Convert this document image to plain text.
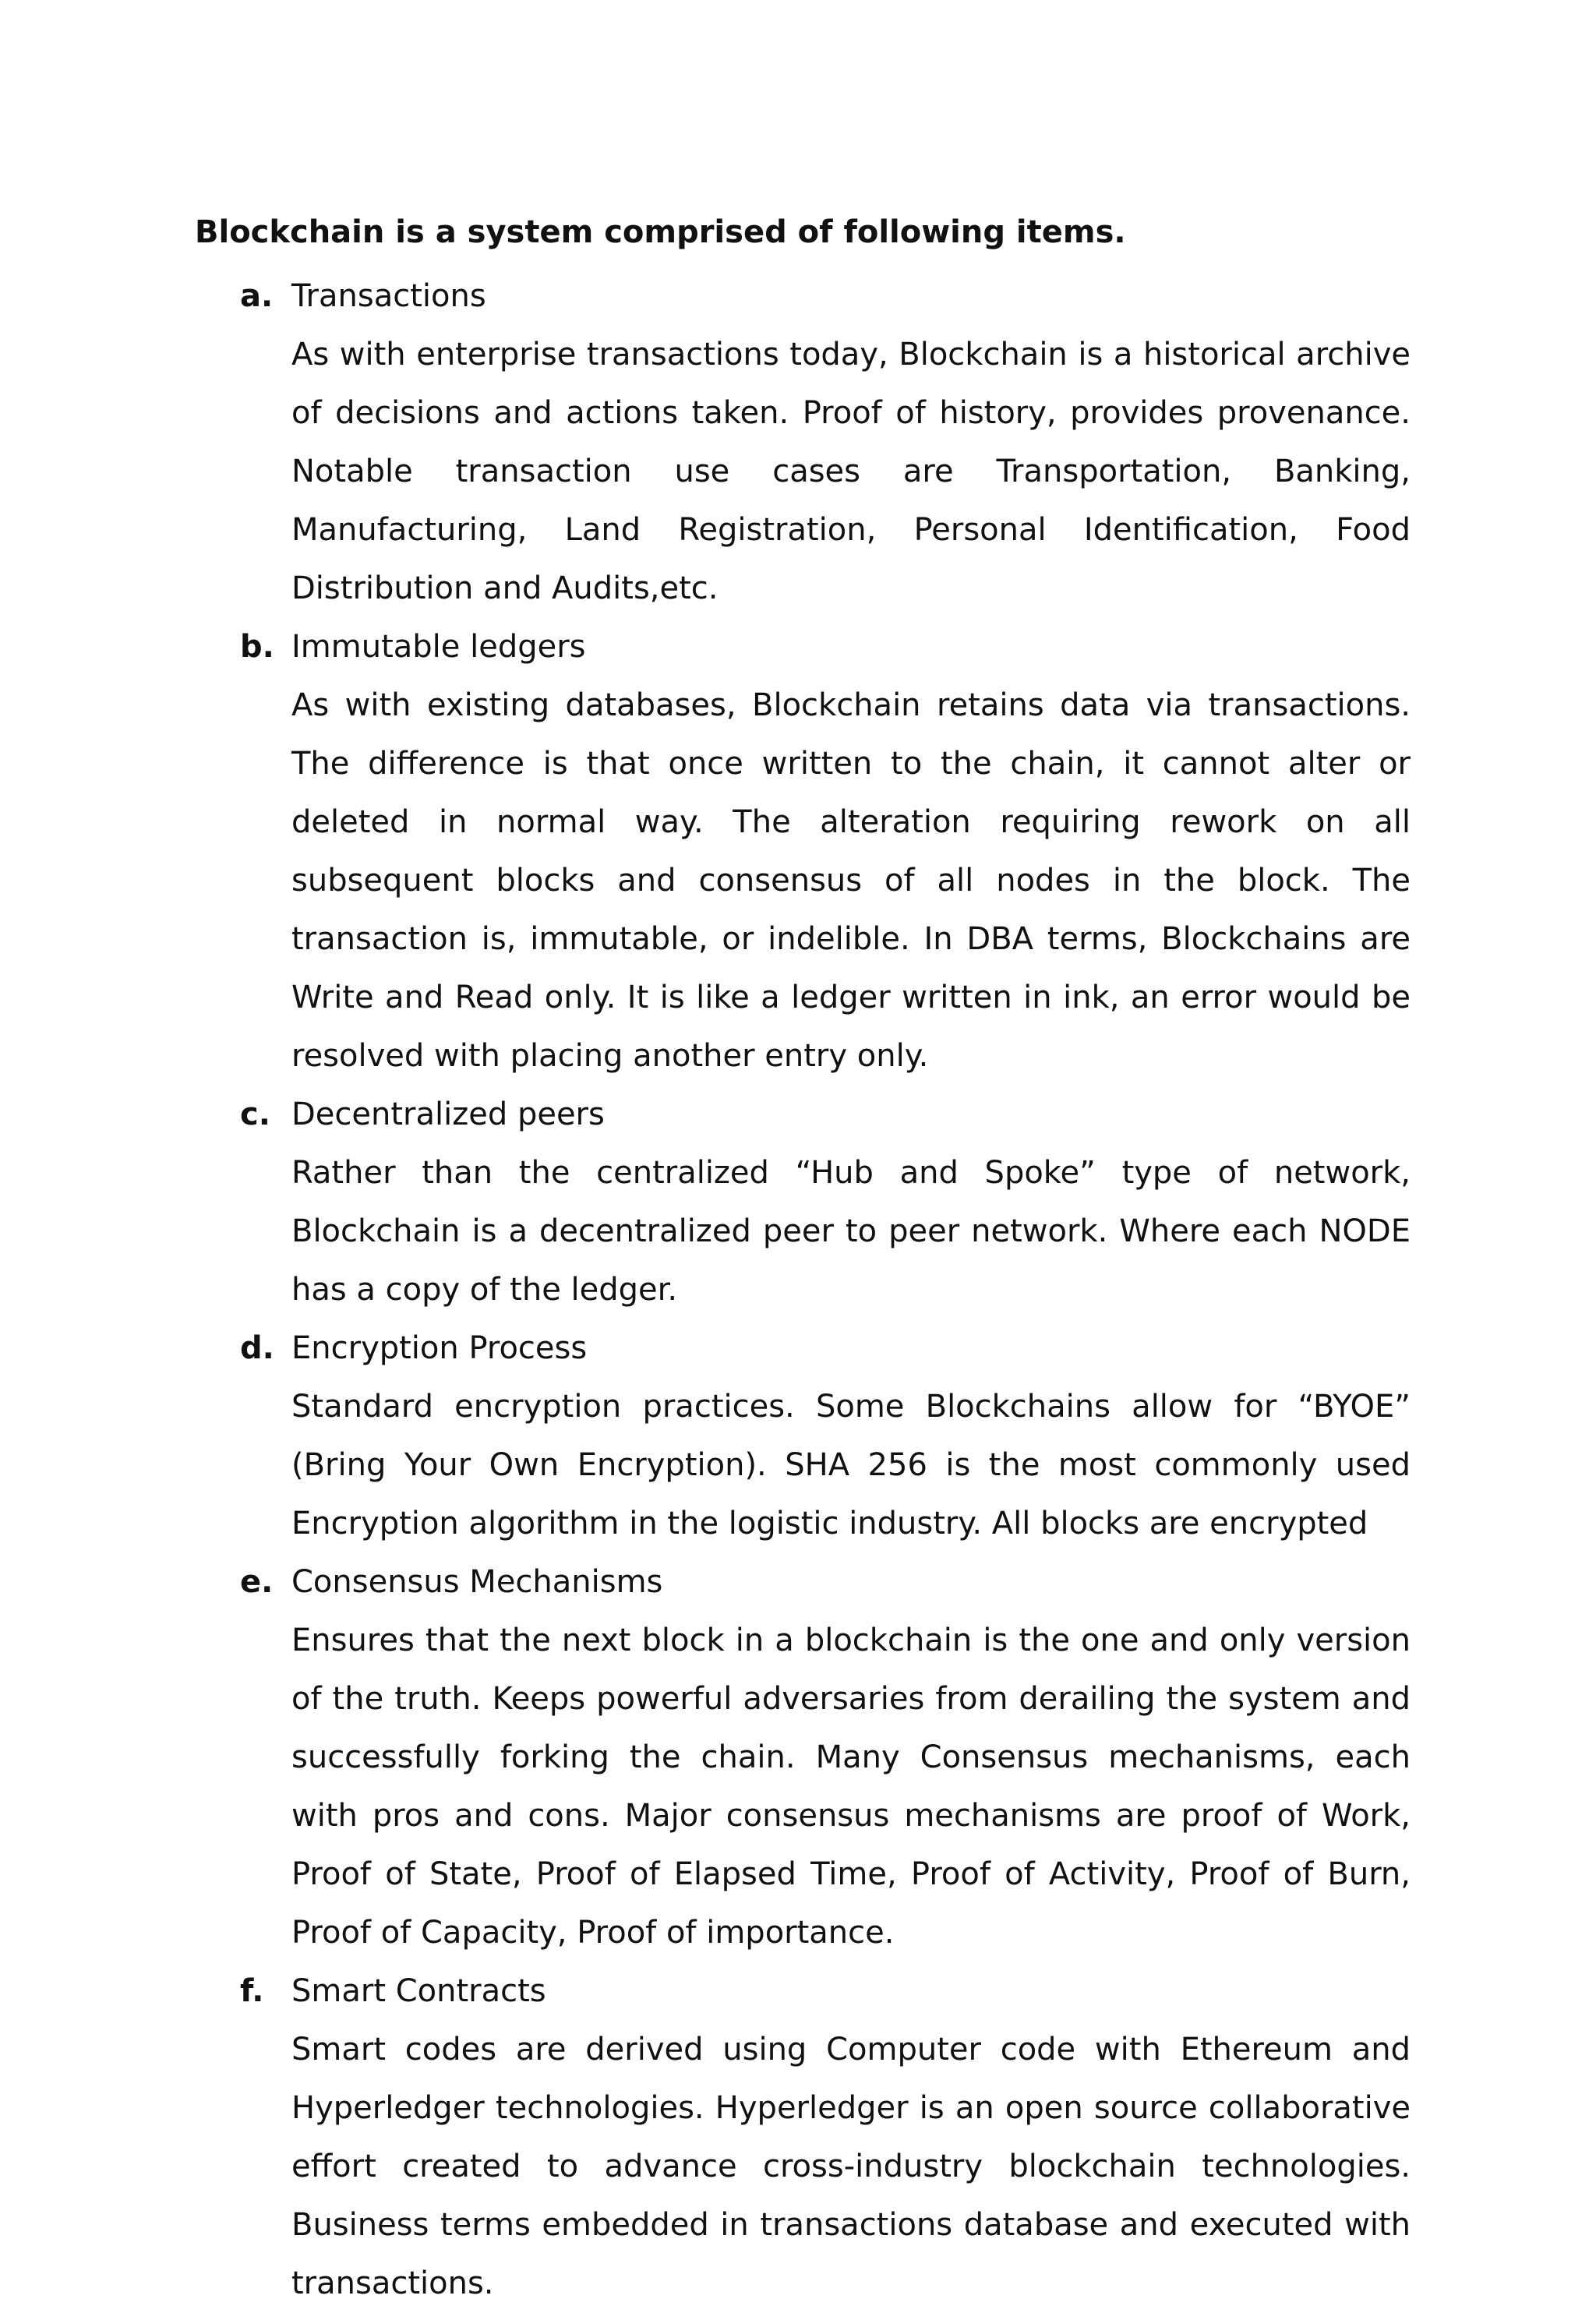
Blockchain is a system comprised of following items.
a. Transactions

As with enterprise transactions today, Blockchain is a historical archive of decisions and actions taken. Proof of history, provides provenance. Notable transaction use cases are Transportation, Banking, Manufacturing, Land Registration, Personal Identification, Food Distribution and Audits,etc.

b. Immutable ledgers

As with existing databases, Blockchain retains data via transactions. The difference is that once written to the chain, it cannot alter or deleted in normal way. The alteration requiring rework on all subsequent blocks and consensus of all nodes in the block. The transaction is, immutable, or indelible. In DBA terms, Blockchains are Write and Read only. It is like a ledger written in ink, an error would be resolved with placing another entry only.

c. Decentralized peers

Rather than the centralized “Hub and Spoke” type of network, Blockchain is a decentralized peer to peer network. Where each NODE has a copy of the ledger.

d. Encryption Process

Standard encryption practices. Some Blockchains allow for “BYOE” (Bring Your Own Encryption). SHA 256 is the most commonly used Encryption algorithm in the logistic industry. All blocks are encrypted

e. Consensus Mechanisms

Ensures that the next block in a blockchain is the one and only version of the truth. Keeps powerful adversaries from derailing the system and successfully forking the chain. Many Consensus mechanisms, each with pros and cons. Major consensus mechanisms are proof of Work, Proof of State, Proof of Elapsed Time, Proof of Activity, Proof of Burn, Proof of Capacity, Proof of importance.

f. Smart Contracts

Smart codes are derived using Computer code with Ethereum and Hyperledger technologies. Hyperledger is an open source collaborative effort created to advance cross-industry blockchain technologies. Business terms embedded in transactions database and executed with transactions.
